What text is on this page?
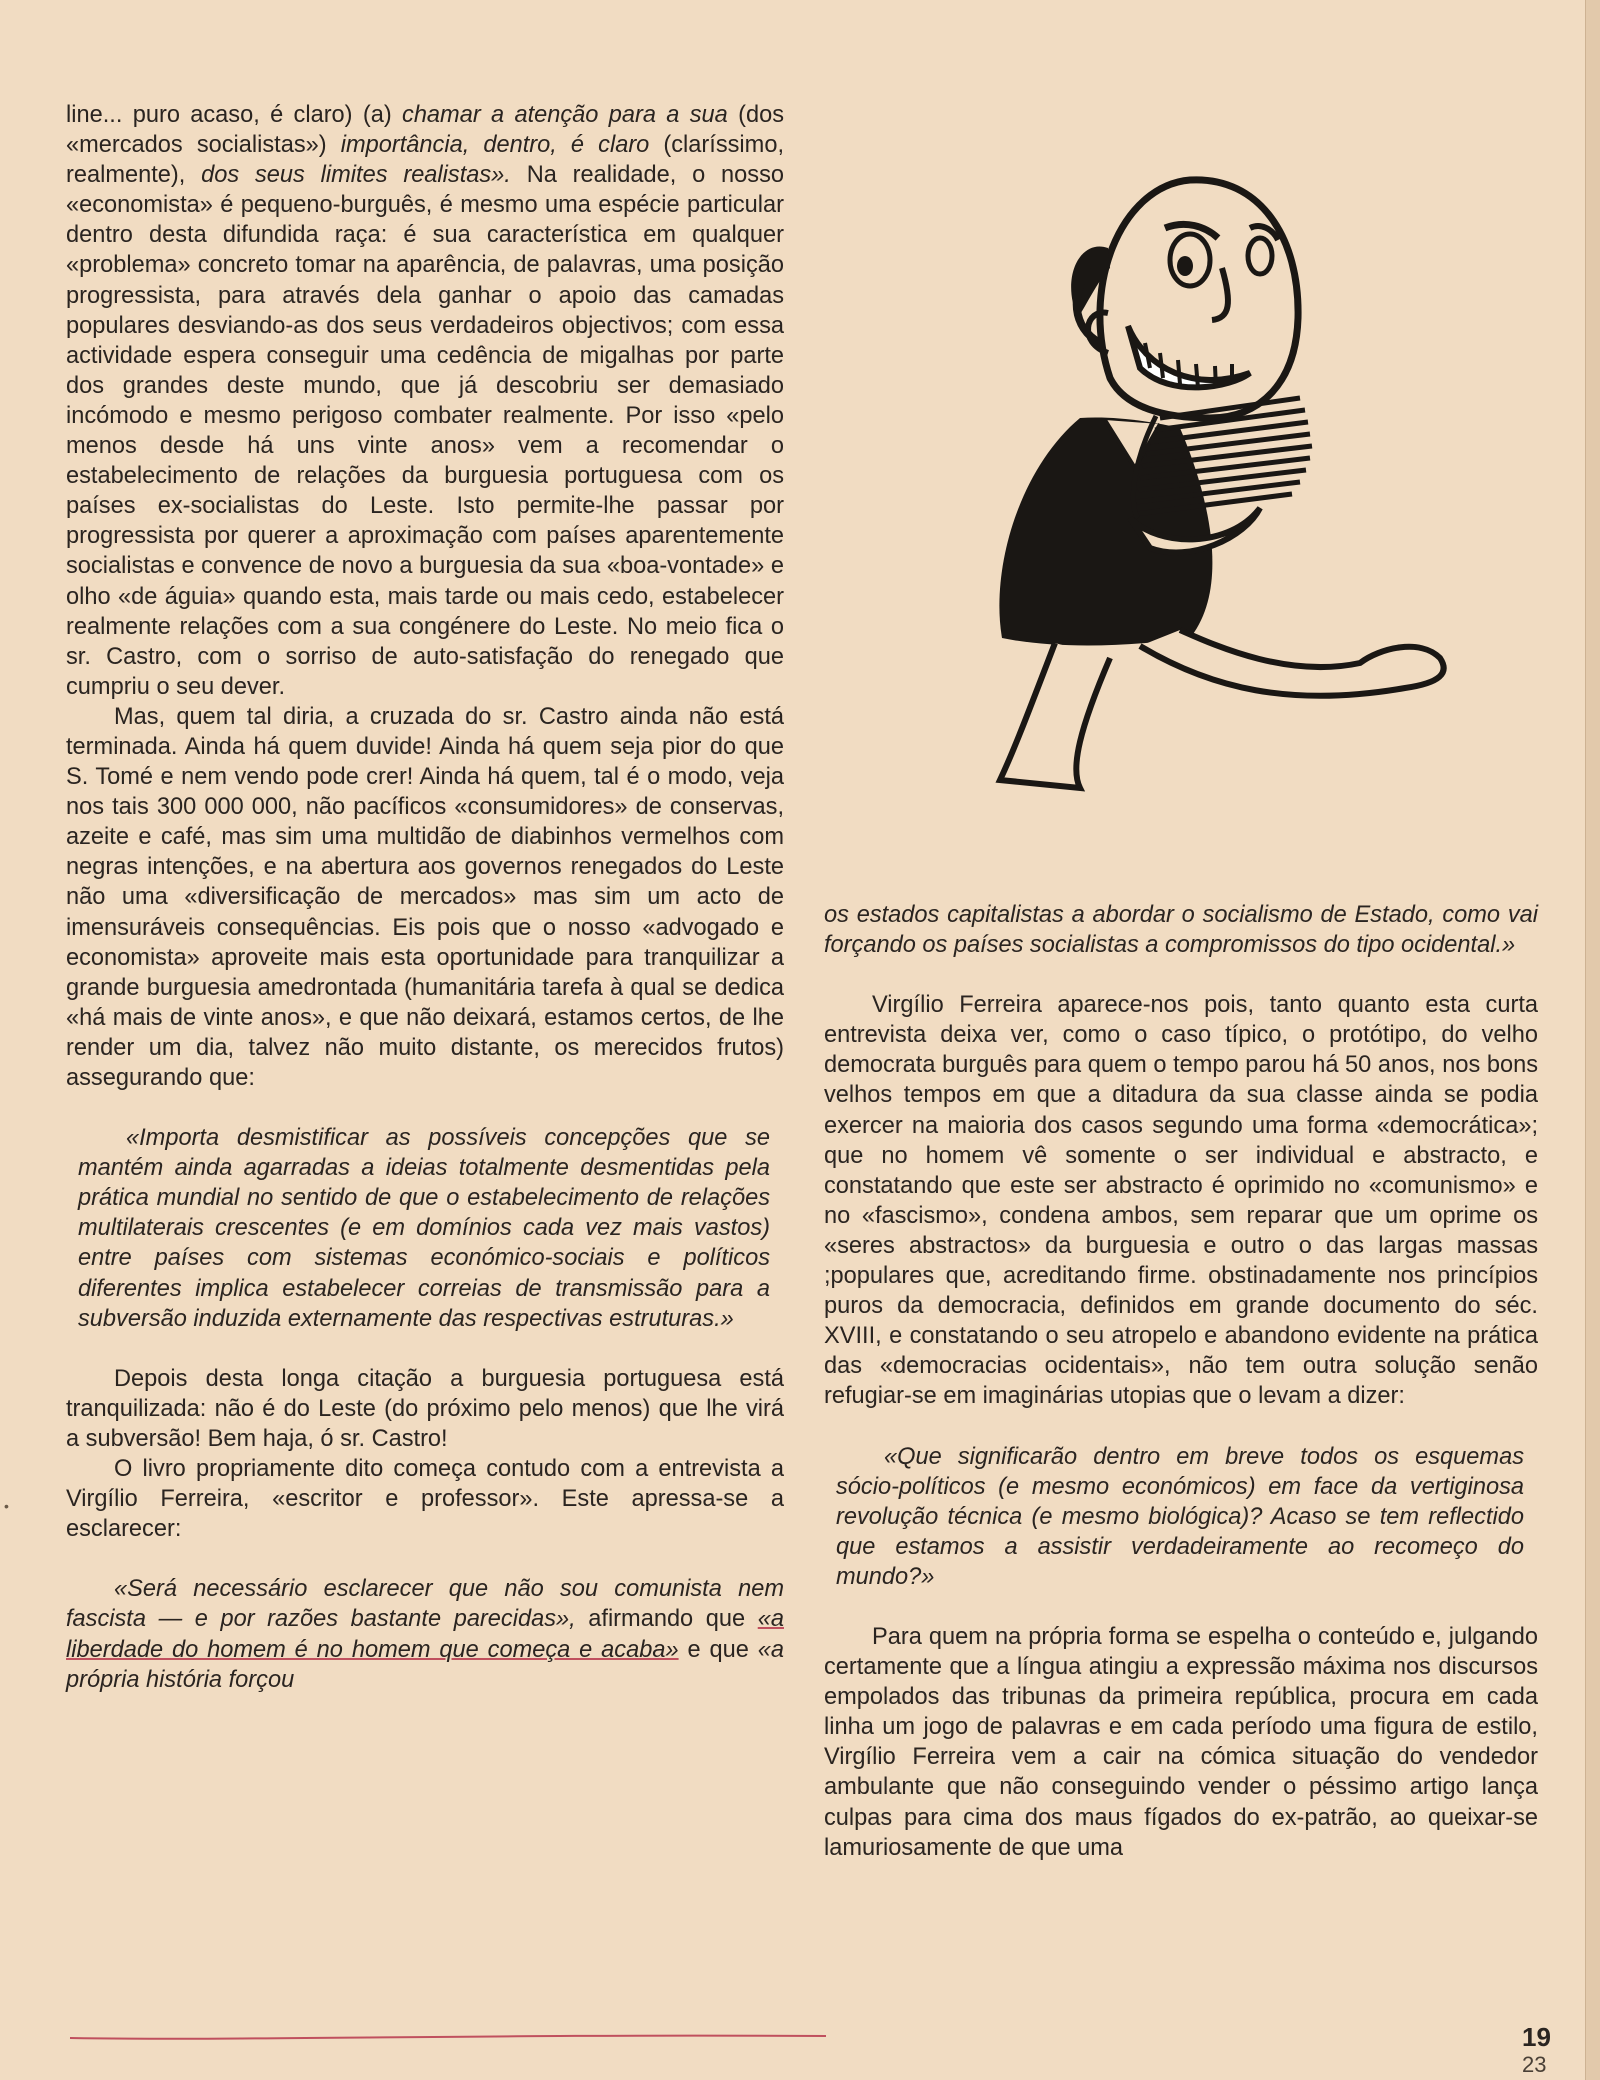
•

line... puro acaso, é claro) (a) chamar a atenção para a sua (dos «mercados socialistas») importância, dentro, é claro (claríssimo, realmente), dos seus limites realistas». Na realidade, o nosso «economista» é pequeno-burguês, é mesmo uma espécie particular dentro desta difundida raça: é sua característica em qualquer «problema» concreto tomar na aparência, de palavras, uma posição progressista, para através dela ganhar o apoio das camadas populares desviando-as dos seus verdadeiros objectivos; com essa actividade espera conseguir uma cedência de migalhas por parte dos grandes deste mundo, que já descobriu ser demasiado incómodo e mesmo perigoso combater realmente. Por isso «pelo menos desde há uns vinte anos» vem a recomendar o estabelecimento de relações da burguesia portuguesa com os países ex-socialistas do Leste. Isto permite-lhe passar por progressista por querer a aproximação com países aparentemente socialistas e convence de novo a burguesia da sua «boa-vontade» e olho «de águia» quando esta, mais tarde ou mais cedo, estabelecer realmente relações com a sua congénere do Leste. No meio fica o sr. Castro, com o sorriso de auto-satisfação do renegado que cumpriu o seu dever.

Mas, quem tal diria, a cruzada do sr. Castro ainda não está terminada. Ainda há quem duvide! Ainda há quem seja pior do que S. Tomé e nem vendo pode crer! Ainda há quem, tal é o modo, veja nos tais 300 000 000, não pacíficos «consumidores» de conservas, azeite e café, mas sim uma multidão de diabinhos vermelhos com negras intenções, e na abertura aos governos renegados do Leste não uma «diversificação de mercados» mas sim um acto de imensuráveis consequências. Eis pois que o nosso «advogado e economista» aproveite mais esta oportunidade para tranquilizar a grande burguesia amedrontada (humanitária tarefa à qual se dedica «há mais de vinte anos», e que não deixará, estamos certos, de lhe render um dia, talvez não muito distante, os merecidos frutos) assegurando que:

«Importa desmistificar as possíveis concepções que se mantém ainda agarradas a ideias totalmente desmentidas pela prática mundial no sentido de que o estabelecimento de relações multilaterais crescentes (e em domínios cada vez mais vastos) entre países com sistemas económico-sociais e políticos diferentes implica estabelecer correias de transmissão para a subversão induzida externamente das respectivas estruturas.»

Depois desta longa citação a burguesia portuguesa está tranquilizada: não é do Leste (do próximo pelo menos) que lhe virá a subversão! Bem haja, ó sr. Castro!

O livro propriamente dito começa contudo com a entrevista a Virgílio Ferreira, «escritor e professor». Este apressa-se a esclarecer:

«Será necessário esclarecer que não sou comunista nem fascista — e por razões bastante parecidas», afirmando que «a liberdade do homem é no homem que começa e acaba» e que «a própria história forçou

os estados capitalistas a abordar o socialismo de Estado, como vai forçando os países socialistas a compromissos do tipo ocidental.»

Virgílio Ferreira aparece-nos pois, tanto quanto esta curta entrevista deixa ver, como o caso típico, o protótipo, do velho democrata burguês para quem o tempo parou há 50 anos, nos bons velhos tempos em que a ditadura da sua classe ainda se podia exercer na maioria dos casos segundo uma forma «democrática»; que no homem vê somente o ser individual e abstracto, e constatando que este ser abstracto é oprimido no «comunismo» e no «fascismo», condena ambos, sem reparar que um oprime os «seres abstractos» da burguesia e outro o das largas massas ;populares que, acreditando firme. obstinadamente nos princípios puros da democracia, definidos em grande documento do séc. XVIII, e constatando o seu atropelo e abandono evidente na prática das «democracias ocidentais», não tem outra solução senão refugiar-se em imaginárias utopias que o levam a dizer:

«Que significarão dentro em breve todos os esquemas sócio-políticos (e mesmo económicos) em face da vertiginosa revolução técnica (e mesmo biológica)? Acaso se tem reflectido que estamos a assistir verdadeiramente ao recomeço do mundo?»

Para quem na própria forma se espelha o conteúdo e, julgando certamente que a língua atingiu a expressão máxima nos discursos empolados das tribunas da primeira república, procura em cada linha um jogo de palavras e em cada período uma figura de estilo, Virgílio Ferreira vem a cair na cómica situação do vendedor ambulante que não conseguindo vender o péssimo artigo lança culpas para cima dos maus fígados do ex-patrão, ao queixar-se lamuriosamente de que uma

19
23
